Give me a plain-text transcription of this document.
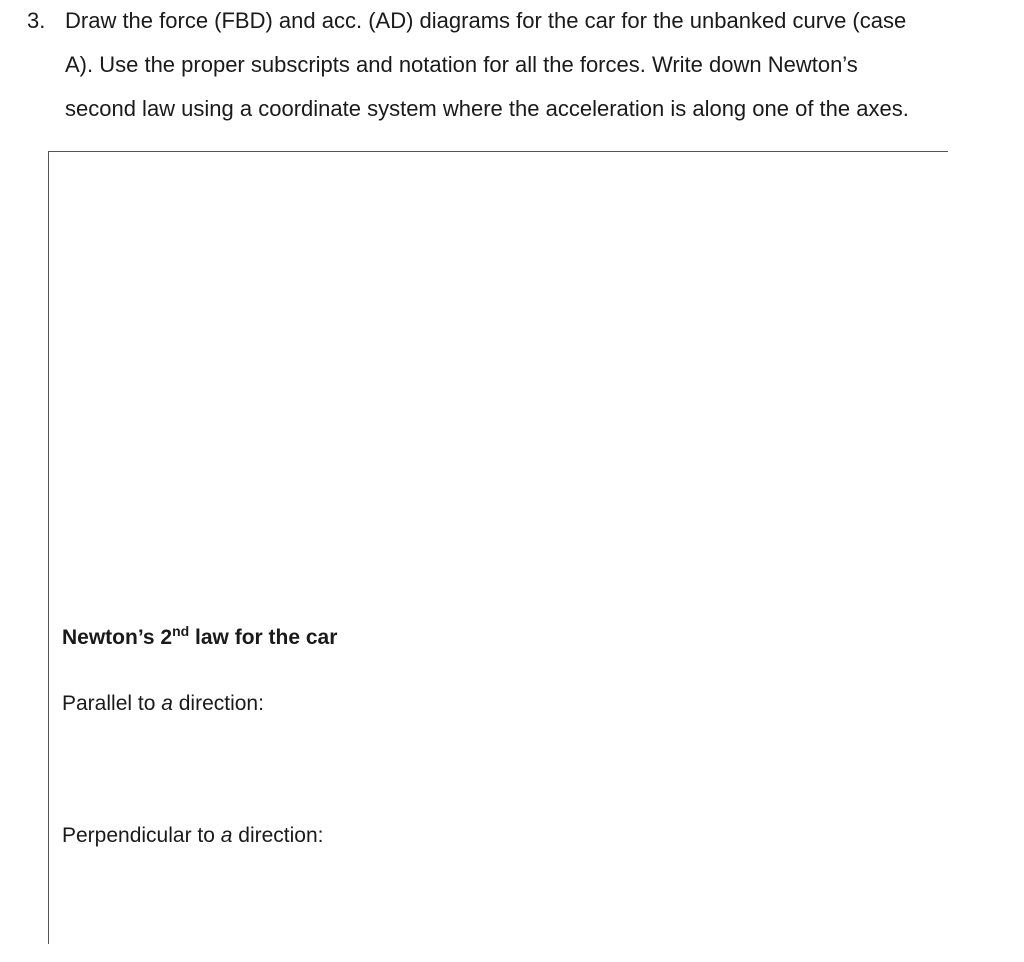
3. Draw the force (FBD) and acc. (AD) diagrams for the car for the unbanked curve (case
A). Use the proper subscripts and notation for all the forces. Write down Newton’s
second law using a coordinate system where the acceleration is along one of the axes.
Newton’s 2nd law for the car
Parallel to a direction:
Perpendicular to a direction:
